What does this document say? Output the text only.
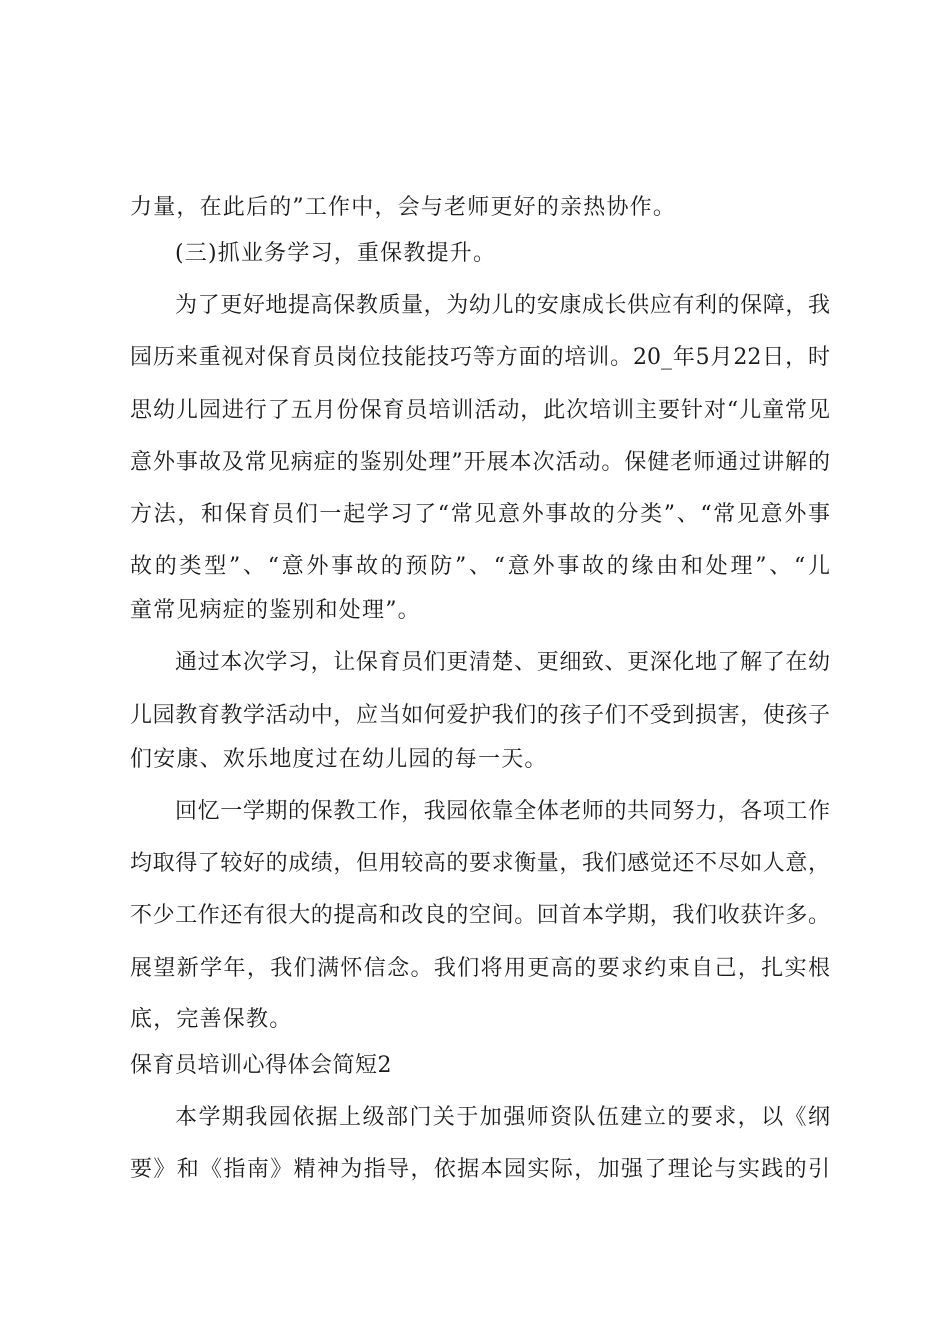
力量，在此后的”工作中，会与老师更好的亲热协作。
(三)抓业务学习，重保教提升。
为了更好地提高保教质量，为幼儿的安康成长供应有利的保障，我
园历来重视对保育员岗位技能技巧等方面的培训。20_年5月22日，时
思幼儿园进行了五月份保育员培训活动，此次培训主要针对“儿童常见
意外事故及常见病症的鉴别处理”开展本次活动。保健老师通过讲解的
方法，和保育员们一起学习了“常见意外事故的分类”、“常见意外事
故的类型”、“意外事故的预防”、“意外事故的缘由和处理”、“儿
童常见病症的鉴别和处理”。
通过本次学习，让保育员们更清楚、更细致、更深化地了解了在幼
儿园教育教学活动中，应当如何爱护我们的孩子们不受到损害，使孩子
们安康、欢乐地度过在幼儿园的每一天。
回忆一学期的保教工作，我园依靠全体老师的共同努力，各项工作
均取得了较好的成绩，但用较高的要求衡量，我们感觉还不尽如人意，
不少工作还有很大的提高和改良的空间。回首本学期，我们收获许多。
展望新学年，我们满怀信念。我们将用更高的要求约束自己，扎实根
底，完善保教。
保育员培训心得体会简短2
本学期我园依据上级部门关于加强师资队伍建立的要求，以《纲
要》和《指南》精神为指导，依据本园实际，加强了理论与实践的引
